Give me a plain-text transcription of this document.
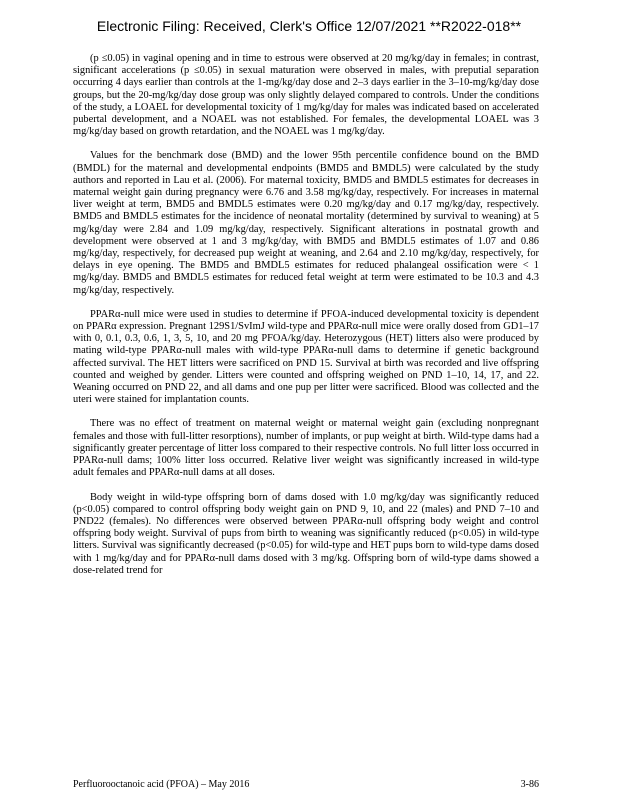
Electronic Filing: Received, Clerk's Office 12/07/2021 **R2022-018**

(p ≤0.05) in vaginal opening and in time to estrous were observed at 20 mg/kg/day in females; in contrast, significant accelerations (p ≤0.05) in sexual maturation were observed in males, with preputial separation occurring 4 days earlier than controls at the 1-mg/kg/day dose and 2–3 days earlier in the 3–10-mg/kg/day dose groups, but the 20-mg/kg/day dose group was only slightly delayed compared to controls. Under the conditions of the study, a LOAEL for developmental toxicity of 1 mg/kg/day for males was indicated based on accelerated pubertal development, and a NOAEL was not established. For females, the developmental LOAEL was 3 mg/kg/day based on growth retardation, and the NOAEL was 1 mg/kg/day.

Values for the benchmark dose (BMD) and the lower 95th percentile confidence bound on the BMD (BMDL) for the maternal and developmental endpoints (BMD5 and BMDL5) were calculated by the study authors and reported in Lau et al. (2006). For maternal toxicity, BMD5 and BMDL5 estimates for decreases in maternal weight gain during pregnancy were 6.76 and 3.58 mg/kg/day, respectively. For increases in maternal liver weight at term, BMD5 and BMDL5 estimates were 0.20 mg/kg/day and 0.17 mg/kg/day, respectively. BMD5 and BMDL5 estimates for the incidence of neonatal mortality (determined by survival to weaning) at 5 mg/kg/day were 2.84 and 1.09 mg/kg/day, respectively. Significant alterations in postnatal growth and development were observed at 1 and 3 mg/kg/day, with BMD5 and BMDL5 estimates of 1.07 and 0.86 mg/kg/day, respectively, for decreased pup weight at weaning, and 2.64 and 2.10 mg/kg/day, respectively, for delays in eye opening. The BMD5 and BMDL5 estimates for reduced phalangeal ossification were < 1 mg/kg/day. BMD5 and BMDL5 estimates for reduced fetal weight at term were estimated to be 10.3 and 4.3 mg/kg/day, respectively.

PPARα-null mice were used in studies to determine if PFOA-induced developmental toxicity is dependent on PPARα expression. Pregnant 129S1/SvImJ wild-type and PPARα-null mice were orally dosed from GD1–17 with 0, 0.1, 0.3, 0.6, 1, 3, 5, 10, and 20 mg PFOA/kg/day. Heterozygous (HET) litters also were produced by mating wild-type PPARα-null males with wild-type PPARα-null dams to determine if genetic background affected survival. The HET litters were sacrificed on PND 15. Survival at birth was recorded and live offspring counted and weighed by gender. Litters were counted and offspring weighed on PND 1–10, 14, 17, and 22. Weaning occurred on PND 22, and all dams and one pup per litter were sacrificed. Blood was collected and the uteri were stained for implantation counts.

There was no effect of treatment on maternal weight or maternal weight gain (excluding nonpregnant females and those with full-litter resorptions), number of implants, or pup weight at birth. Wild-type dams had a significantly greater percentage of litter loss compared to their respective controls. No full litter loss occurred in PPARα-null dams; 100% litter loss occurred. Relative liver weight was significantly increased in wild-type adult females and PPARα-null dams at all doses.

Body weight in wild-type offspring born of dams dosed with 1.0 mg/kg/day was significantly reduced (p<0.05) compared to control offspring body weight gain on PND 9, 10, and 22 (males) and PND 7–10 and PND22 (females). No differences were observed between PPARα-null offspring body weight and control offspring body weight. Survival of pups from birth to weaning was significantly reduced (p<0.05) in wild-type litters. Survival was significantly decreased (p<0.05) for wild-type and HET pups born to wild-type dams dosed with 1 mg/kg/day and for PPARα-null dams dosed with 3 mg/kg. Offspring born of wild-type dams showed a dose-related trend for

Perfluorooctanoic acid (PFOA) – May 2016	3-86
